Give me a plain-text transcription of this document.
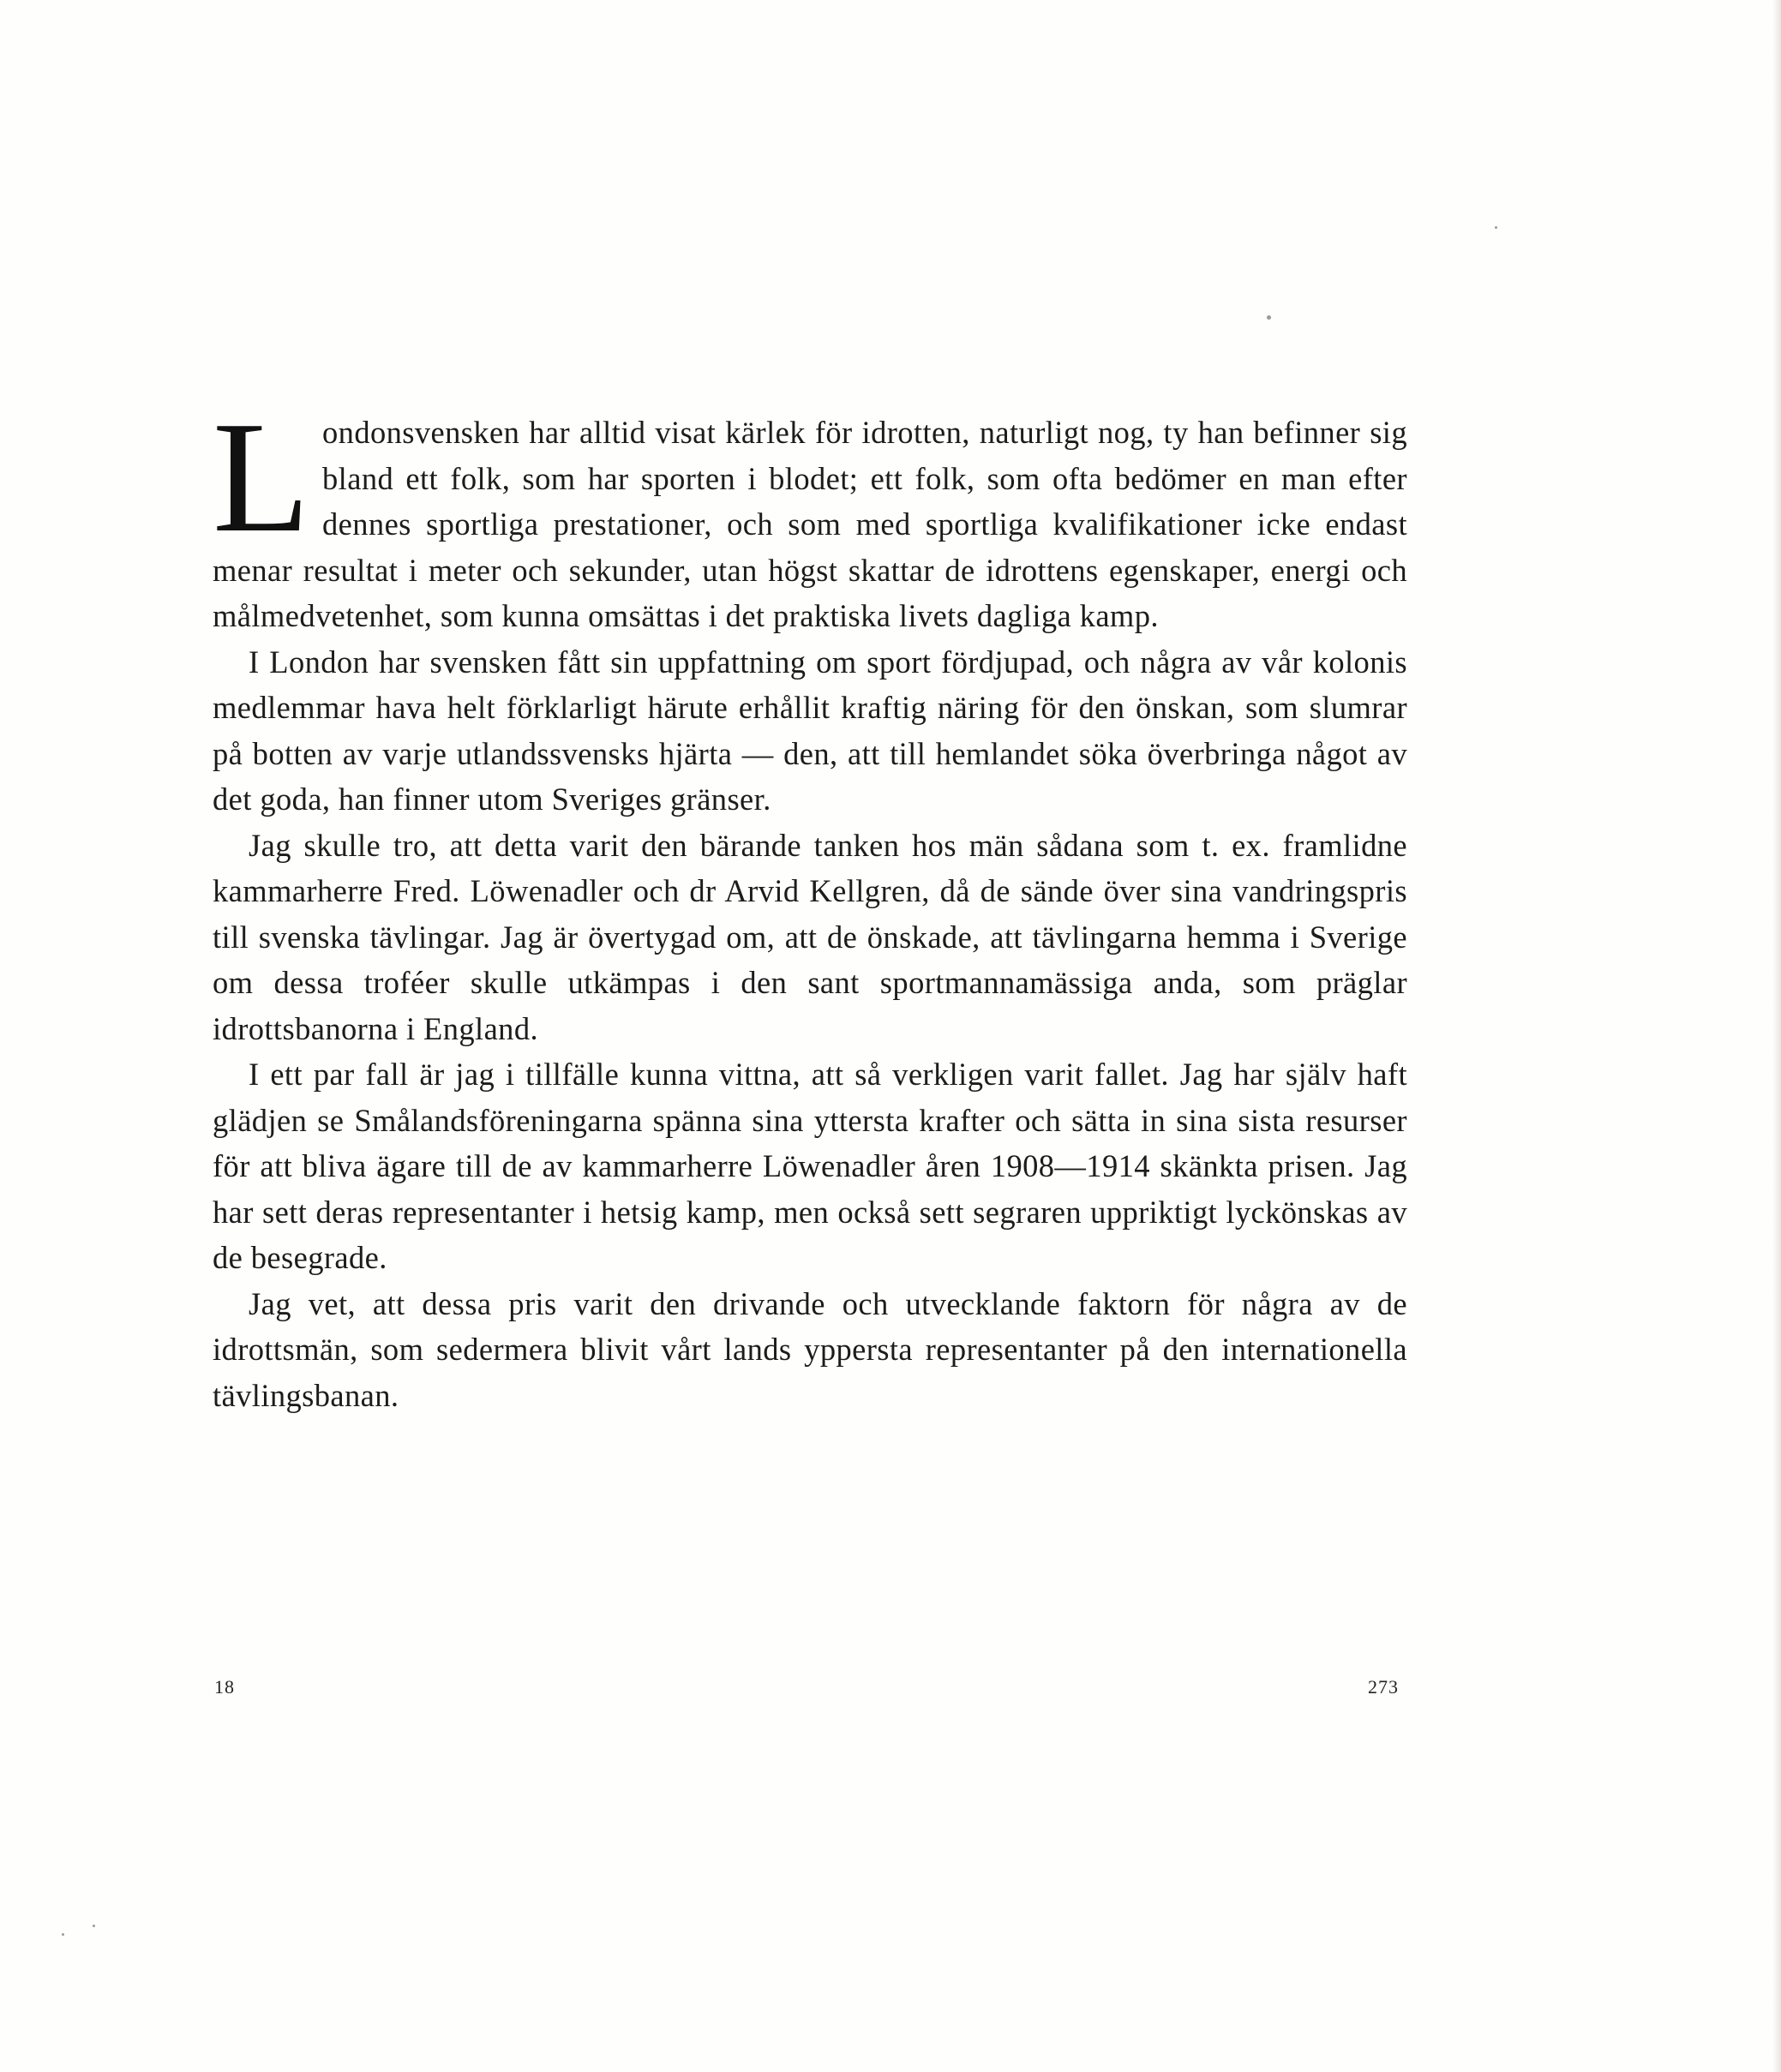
Londonsvensken har alltid visat kärlek för idrotten, naturligt nog, ty han befinner sig bland ett folk, som har sporten i blodet; ett folk, som ofta bedömer en man efter dennes sportliga prestationer, och som med sportliga kvalifikationer icke endast menar resultat i meter och sekunder, utan högst skattar de idrottens egenskaper, energi och målmedvetenhet, som kunna omsättas i det praktiska livets dagliga kamp.

I London har svensken fått sin uppfattning om sport fördjupad, och några av vår kolonis medlemmar hava helt förklarligt härute erhållit kraftig näring för den önskan, som slumrar på botten av varje utlandssvensks hjärta — den, att till hemlandet söka överbringa något av det goda, han finner utom Sveriges gränser.

Jag skulle tro, att detta varit den bärande tanken hos män sådana som t. ex. framlidne kammarherre Fred. Löwenadler och dr Arvid Kellgren, då de sände över sina vandringspris till svenska tävlingar. Jag är övertygad om, att de önskade, att tävlingarna hemma i Sverige om dessa troféer skulle utkämpas i den sant sportmannamässiga anda, som präglar idrottsbanorna i England.

I ett par fall är jag i tillfälle kunna vittna, att så verkligen varit fallet. Jag har själv haft glädjen se Smålandsföreningarna spänna sina yttersta krafter och sätta in sina sista resurser för att bliva ägare till de av kammarherre Löwenadler åren 1908—1914 skänkta prisen. Jag har sett deras representanter i hetsig kamp, men också sett segraren uppriktigt lyckönskas av de besegrade.

Jag vet, att dessa pris varit den drivande och utvecklande faktorn för några av de idrottsmän, som sedermera blivit vårt lands yppersta representanter på den internationella tävlingsbanan.

18	273
